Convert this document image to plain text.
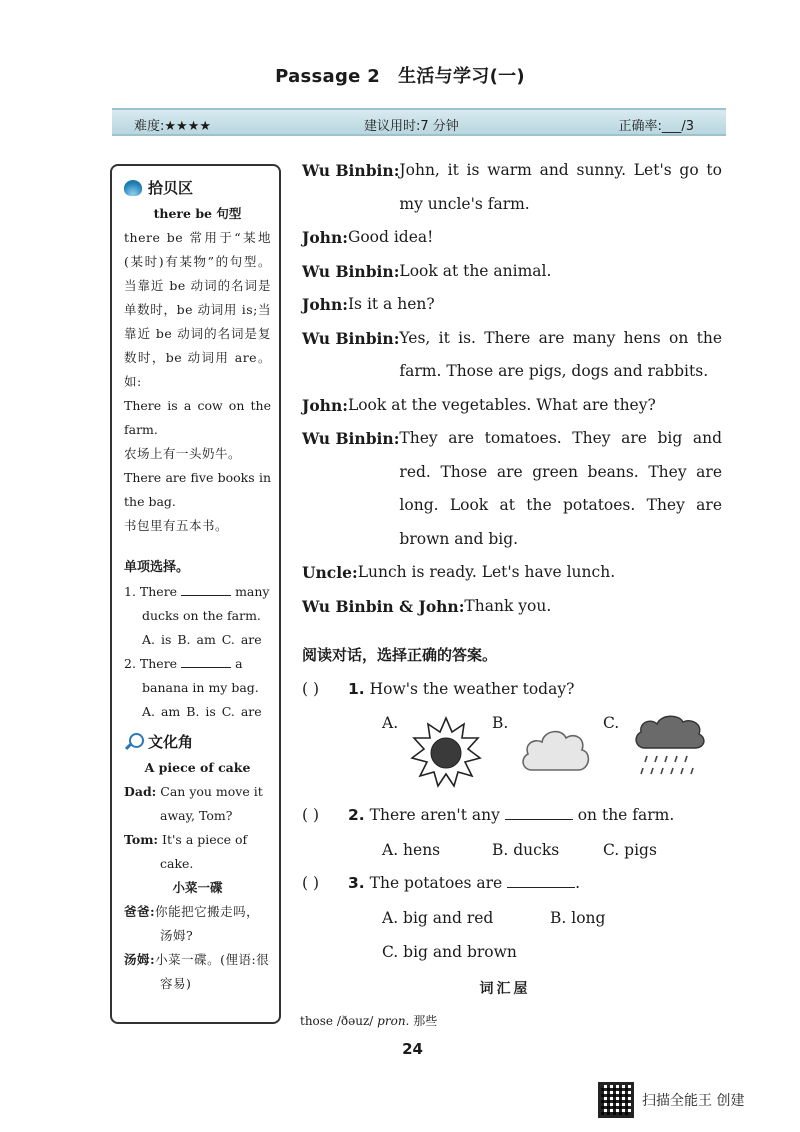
Passage 2 生活与学习(一)
难度:★★★★	建议用时:7 分钟	正确率:___/3
拾贝区
there be 句型
there be 常用于“某地(某时)有某物”的句型。当靠近 be 动词的名词是单数时，be 动词用 is;当靠近 be 动词的名词是复数时，be 动词用 are。如:
There is a cow on the farm.
农场上有一头奶牛。
There are five books in the bag.
书包里有五本书。
单项选择。
1. There	many ducks on the farm.
A. is B. am C. are
2. There	a banana in my bag.
A. am B. is C. are
文化角
A piece of cake
Dad: Can you move it away, Tom?
Tom: It's a piece of cake.
小菜一碟
爸爸:你能把它搬走吗，汤姆?
汤姆:小菜一碟。(俚语:很容易)
Wu Binbin: John, it is warm and sunny. Let's go to my uncle's farm.
John: Good idea!
Wu Binbin: Look at the animal.
John: Is it a hen?
Wu Binbin: Yes, it is. There are many hens on the farm. Those are pigs, dogs and rabbits.
John: Look at the vegetables. What are they?
Wu Binbin: They are tomatoes. They are big and red. Those are green beans. They are long. Look at the potatoes. They are brown and big.
Uncle: Lunch is ready. Let's have lunch.
Wu Binbin & John: Thank you.
阅读对话，选择正确的答案。
( ) 1. How's the weather today?
A.	B.	C.
( ) 2. There aren't any	on the farm.
A. hens	B. ducks	C. pigs
( ) 3. The potatoes are	.
A. big and red	B. long
C. big and brown
词汇屋
those /ðəuz/ pron. 那些
24
扫描全能王 创建
